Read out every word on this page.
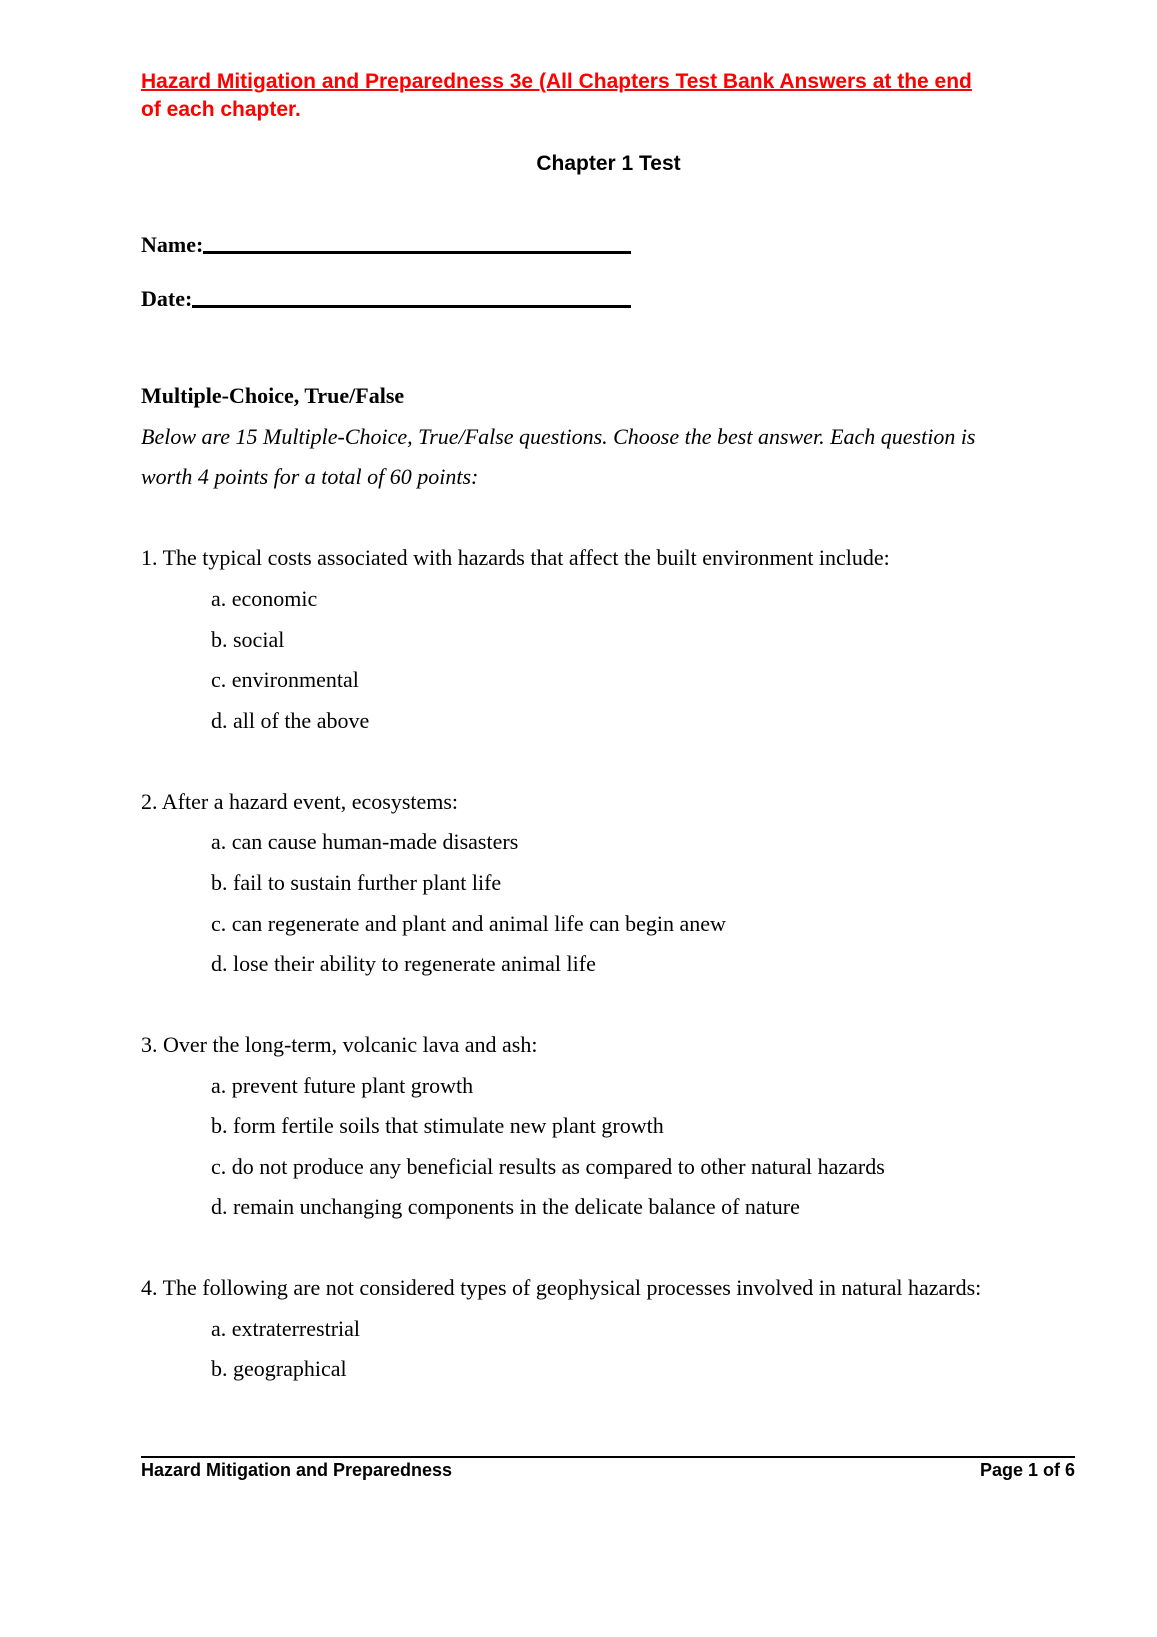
Hazard Mitigation and Preparedness 3e (All Chapters Test Bank Answers at the end
of each chapter.
Chapter 1 Test
Name:
Date:
Multiple-Choice, True/False
Below are 15 Multiple-Choice, True/False questions. Choose the best answer. Each question is
worth 4 points for a total of 60 points:
1. The typical costs associated with hazards that affect the built environment include:
a. economic
b. social
c. environmental
d. all of the above
2. After a hazard event, ecosystems:
a. can cause human-made disasters
b. fail to sustain further plant life
c. can regenerate and plant and animal life can begin anew
d. lose their ability to regenerate animal life
3. Over the long-term, volcanic lava and ash:
a. prevent future plant growth
b. form fertile soils that stimulate new plant growth
c. do not produce any beneficial results as compared to other natural hazards
d. remain unchanging components in the delicate balance of nature
4. The following are not considered types of geophysical processes involved in natural hazards:
a. extraterrestrial
b. geographical
Hazard Mitigation and Preparedness	Page 1 of 6
